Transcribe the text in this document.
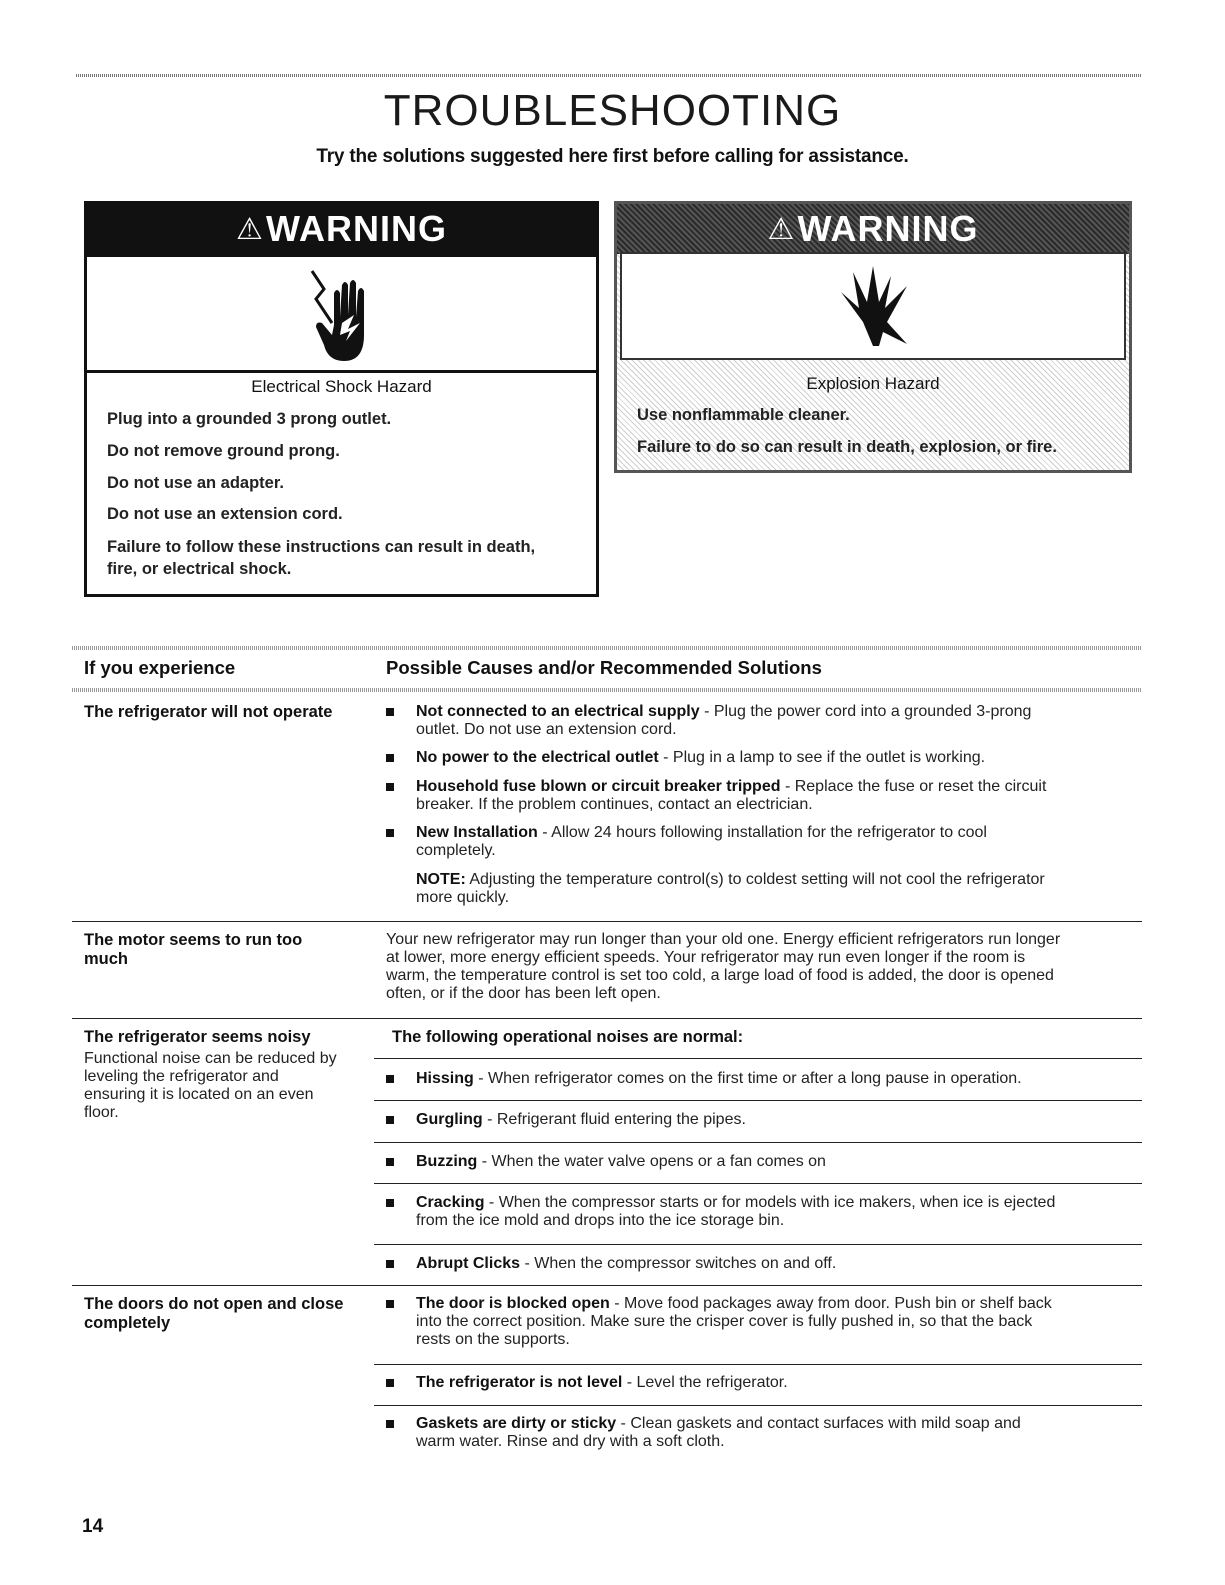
TROUBLESHOOTING
Try the solutions suggested here first before calling for assistance.
⚠ WARNING
Electrical Shock Hazard
Plug into a grounded 3 prong outlet.
Do not remove ground prong.
Do not use an adapter.
Do not use an extension cord.
Failure to follow these instructions can result in death,
fire, or electrical shock.
⚠ WARNING
Explosion Hazard
Use nonflammable cleaner.
Failure to do so can result in death, explosion, or fire.
If you experience	Possible Causes and/or Recommended Solutions
The refrigerator will not operate	Not connected to an electrical supply - Plug the power cord into a grounded 3-prong
outlet. Do not use an extension cord.
No power to the electrical outlet - Plug in a lamp to see if the outlet is working.
Household fuse blown or circuit breaker tripped - Replace the fuse or reset the circuit
breaker. If the problem continues, contact an electrician.
New Installation - Allow 24 hours following installation for the refrigerator to cool
completely.
NOTE: Adjusting the temperature control(s) to coldest setting will not cool the refrigerator
more quickly.
The motor seems to run too
much
Your new refrigerator may run longer than your old one. Energy efficient refrigerators run longer
at lower, more energy efficient speeds. Your refrigerator may run even longer if the room is
warm, the temperature control is set too cold, a large load of food is added, the door is opened
often, or if the door has been left open.
The refrigerator seems noisy
Functional noise can be reduced by
leveling the refrigerator and
ensuring it is located on an even
floor.
The following operational noises are normal:
Hissing - When refrigerator comes on the first time or after a long pause in operation.
Gurgling - Refrigerant fluid entering the pipes.
Buzzing - When the water valve opens or a fan comes on
Cracking - When the compressor starts or for models with ice makers, when ice is ejected
from the ice mold and drops into the ice storage bin.
Abrupt Clicks - When the compressor switches on and off.
The doors do not open and close
completely
The door is blocked open - Move food packages away from door. Push bin or shelf back
into the correct position. Make sure the crisper cover is fully pushed in, so that the back
rests on the supports.
The refrigerator is not level - Level the refrigerator.
Gaskets are dirty or sticky - Clean gaskets and contact surfaces with mild soap and
warm water. Rinse and dry with a soft cloth.
14
